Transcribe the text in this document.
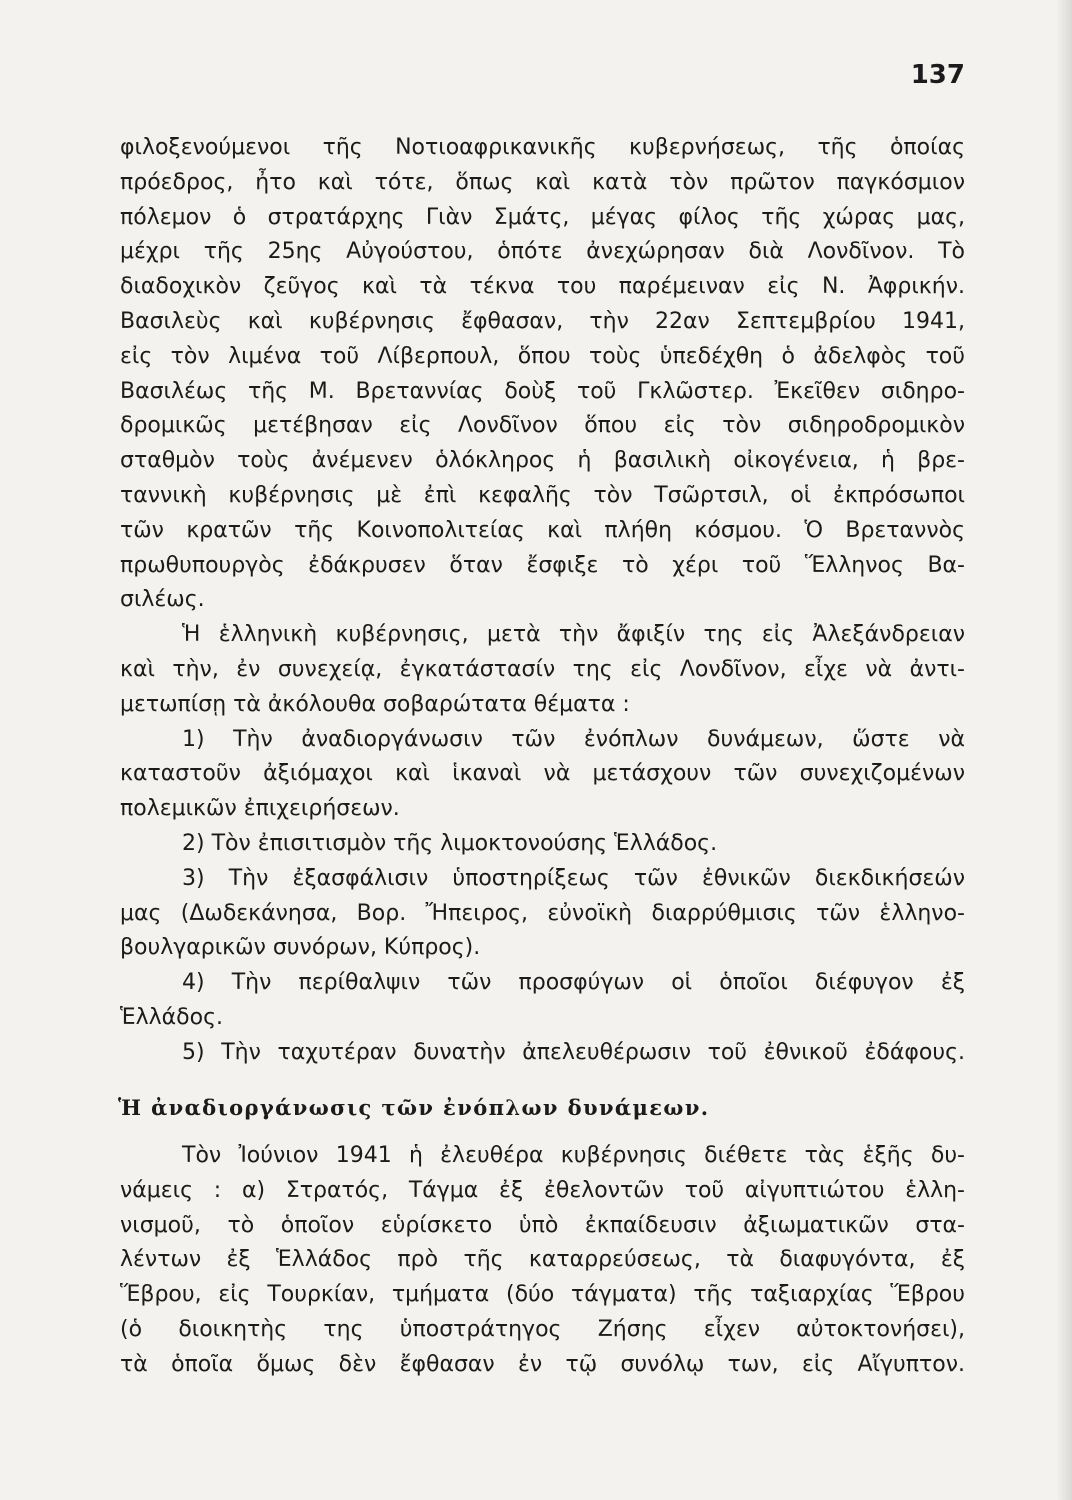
137
φιλοξενούμενοι τῆς Νοτιοαφρικανικῆς κυβερνήσεως, τῆς ὁποίας
πρόεδρος, ἦτο καὶ τότε, ὅπως καὶ κατὰ τὸν πρῶτον παγκόσμιον
πόλεμον ὁ στρατάρχης Γιὰν Σμάτς, μέγας φίλος τῆς χώρας μας,
μέχρι τῆς 25ης Αὐγούστου, ὁπότε ἀνεχώρησαν διὰ Λονδῖνον. Τὸ
διαδοχικὸν ζεῦγος καὶ τὰ τέκνα του παρέμειναν εἰς Ν. Ἀφρικήν.
Βασιλεὺς καὶ κυβέρνησις ἔφθασαν, τὴν 22αν Σεπτεμβρίου 1941,
εἰς τὸν λιμένα τοῦ Λίβερπουλ, ὅπου τοὺς ὑπεδέχθη ὁ ἀδελφὸς τοῦ
Βασιλέως τῆς Μ. Βρεταννίας δοὺξ τοῦ Γκλῶστερ. Ἐκεῖθεν σιδηρο-
δρομικῶς μετέβησαν εἰς Λονδῖνον ὅπου εἰς τὸν σιδηροδρομικὸν
σταθμὸν τοὺς ἀνέμενεν ὁλόκληρος ἡ βασιλικὴ οἰκογένεια, ἡ βρε-
ταννικὴ κυβέρνησις μὲ ἐπὶ κεφαλῆς τὸν Τσῶρτσιλ, οἱ ἐκπρόσωποι
τῶν κρατῶν τῆς Κοινοπολιτείας καὶ πλήθη κόσμου. Ὁ Βρεταννὸς
πρωθυπουργὸς ἐδάκρυσεν ὅταν ἔσφιξε τὸ χέρι τοῦ Ἕλληνος Βα-
σιλέως.
Ἡ ἑλληνικὴ κυβέρνησις, μετὰ τὴν ἄφιξίν της εἰς Ἀλεξάνδρειαν
καὶ τὴν, ἐν συνεχείᾳ, ἐγκατάστασίν της εἰς Λονδῖνον, εἶχε νὰ ἀντι-
μετωπίσῃ τὰ ἀκόλουθα σοβαρώτατα θέματα :
1) Τὴν ἀναδιοργάνωσιν τῶν ἐνόπλων δυνάμεων, ὥστε νὰ
καταστοῦν ἀξιόμαχοι καὶ ἱκαναὶ νὰ μετάσχουν τῶν συνεχιζομένων
πολεμικῶν ἐπιχειρήσεων.
2) Τὸν ἐπισιτισμὸν τῆς λιμοκτονούσης Ἑλλάδος.
3) Τὴν ἐξασφάλισιν ὑποστηρίξεως τῶν ἐθνικῶν διεκδικήσεών
μας (Δωδεκάνησα, Βορ. Ἤπειρος, εὐνοϊκὴ διαρρύθμισις τῶν ἑλληνο-
βουλγαρικῶν συνόρων, Κύπρος).
4) Τὴν περίθαλψιν τῶν προσφύγων οἱ ὁποῖοι διέφυγον ἐξ
Ἑλλάδος.
5) Τὴν ταχυτέραν δυνατὴν ἀπελευθέρωσιν τοῦ ἐθνικοῦ ἐδάφους.
Ἡ ἀναδιοργάνωσις τῶν ἐνόπλων δυνάμεων.
Τὸν Ἰούνιον 1941 ἡ ἐλευθέρα κυβέρνησις διέθετε τὰς ἑξῆς δυ-
νάμεις : α) Στρατός, Τάγμα ἐξ ἐθελοντῶν τοῦ αἰγυπτιώτου ἑλλη-
νισμοῦ, τὸ ὁποῖον εὑρίσκετο ὑπὸ ἐκπαίδευσιν ἀξιωματικῶν στα-
λέντων ἐξ Ἑλλάδος πρὸ τῆς καταρρεύσεως, τὰ διαφυγόντα, ἐξ
Ἕβρου, εἰς Τουρκίαν, τμήματα (δύο τάγματα) τῆς ταξιαρχίας Ἕβρου
(ὁ διοικητὴς της ὑποστράτηγος Ζήσης εἶχεν αὐτοκτονήσει),
τὰ ὁποῖα ὅμως δὲν ἔφθασαν ἐν τῷ συνόλῳ των, εἰς Αἴγυπτον.
